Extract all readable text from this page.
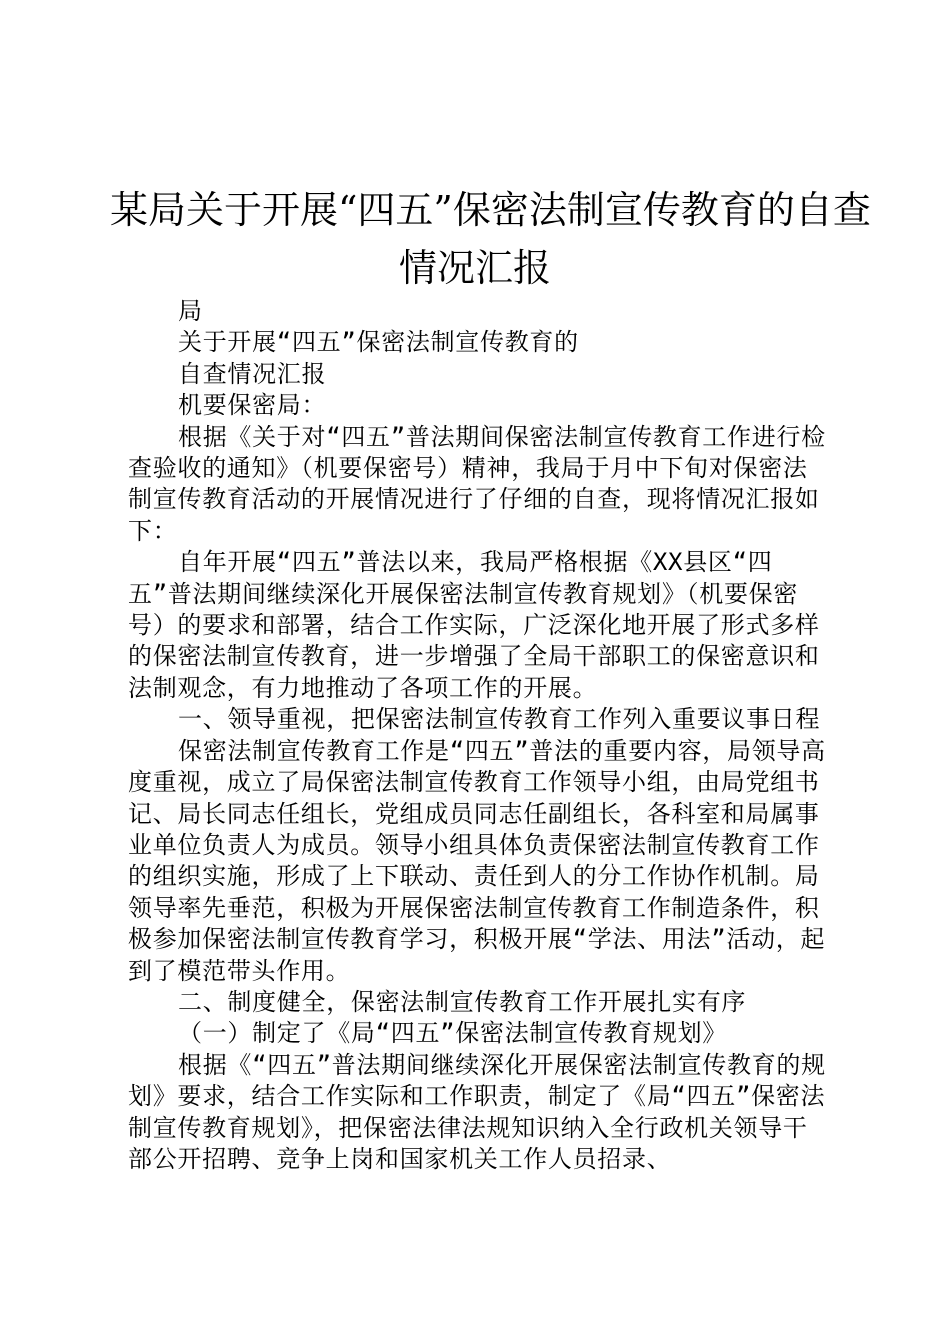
某局关于开展“四五”保密法制宣传教育的自查
情况汇报

局

关于开展“四五”保密法制宣传教育的

自查情况汇报

机要保密局：

根据《关于对“四五”普法期间保密法制宣传教育工作进行检查验收的通知》（机要保密号）精神，我局于月中下旬对保密法制宣传教育活动的开展情况进行了仔细的自查，现将情况汇报如下：

自年开展“四五”普法以来，我局严格根据《XX县区“四五”普法期间继续深化开展保密法制宣传教育规划》（机要保密号）的要求和部署，结合工作实际，广泛深化地开展了形式多样的保密法制宣传教育，进一步增强了全局干部职工的保密意识和法制观念，有力地推动了各项工作的开展。

一、领导重视，把保密法制宣传教育工作列入重要议事日程

保密法制宣传教育工作是“四五”普法的重要内容，局领导高度重视，成立了局保密法制宣传教育工作领导小组，由局党组书记、局长同志任组长，党组成员同志任副组长，各科室和局属事业单位负责人为成员。领导小组具体负责保密法制宣传教育工作的组织实施，形成了上下联动、责任到人的分工作协作机制。局领导率先垂范，积极为开展保密法制宣传教育工作制造条件，积极参加保密法制宣传教育学习，积极开展“学法、用法”活动，起到了模范带头作用。

二、制度健全，保密法制宣传教育工作开展扎实有序

（一）制定了《局“四五”保密法制宣传教育规划》

根据《“四五”普法期间继续深化开展保密法制宣传教育的规划》要求，结合工作实际和工作职责，制定了《局“四五”保密法制宣传教育规划》，把保密法律法规知识纳入全行政机关领导干部公开招聘、竞争上岗和国家机关工作人员招录、
